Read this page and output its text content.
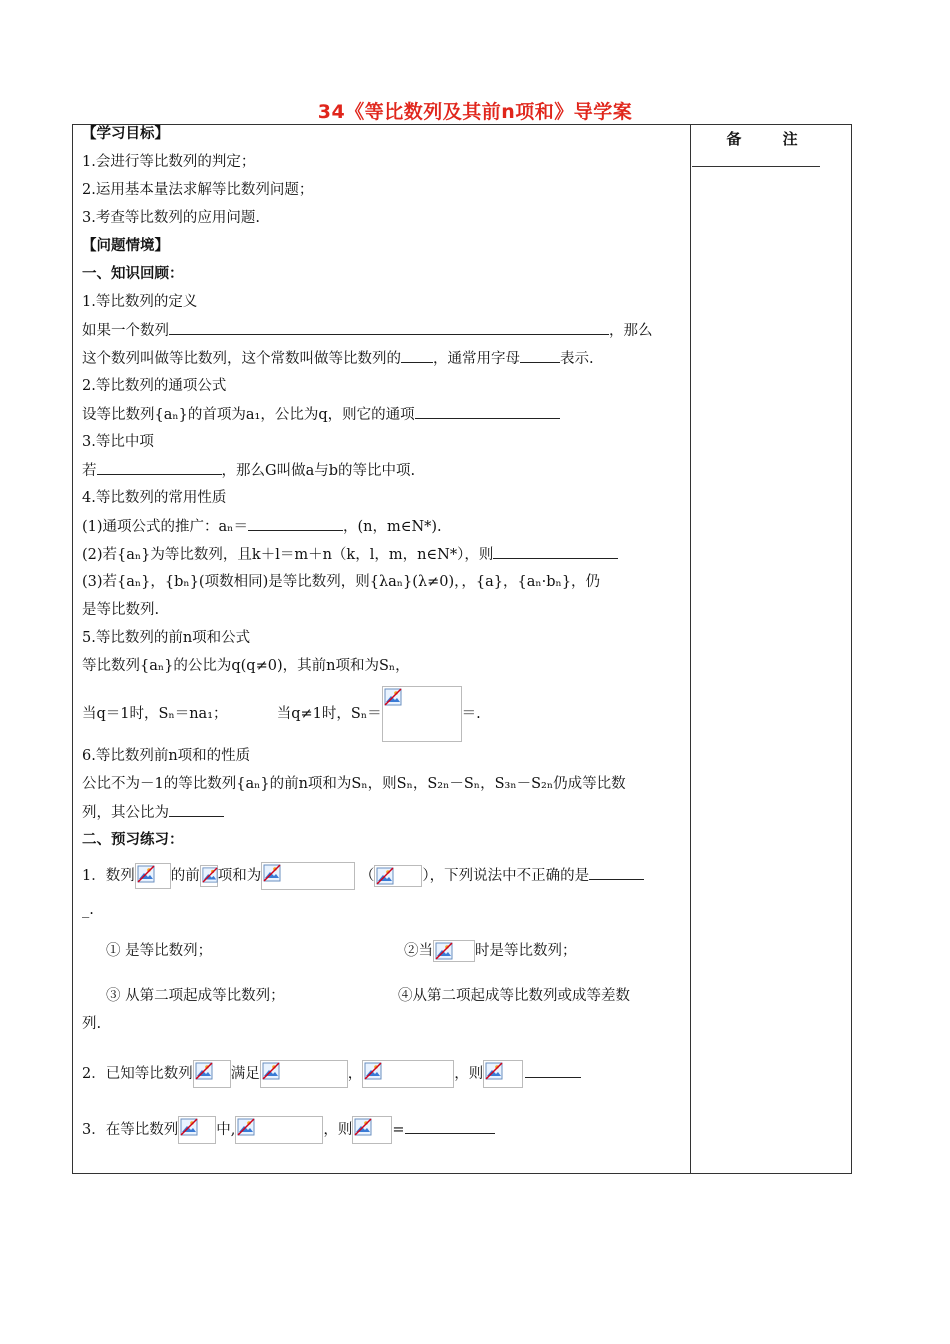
34《等比数列及其前n项和》导学案
备 注
【学习目标】
1.会进行等比数列的判定；
2.运用基本量法求解等比数列问题；
3.考查等比数列的应用问题.
【问题情境】
一、知识回顾：
1.等比数列的定义
如果一个数列	，那么
这个数列叫做等比数列，这个常数叫做等比数列的 ，通常用字母	表示.
2.等比数列的通项公式
设等比数列{aₙ}的首项为a₁，公比为q，则它的通项
3.等比中项
若	，那么G叫做a与b的等比中项.
4.等比数列的常用性质
(1)通项公式的推广：aₙ＝	，(n，m∈N*).
(2)若{aₙ}为等比数列，且k＋l＝m＋n（k，l，m，n∈N*），则
(3)若{aₙ}，{bₙ}(项数相同)是等比数列，则{λaₙ}(λ≠0)，，{a}，{aₙ·bₙ}，仍
是等比数列.
5.等比数列的前n项和公式
等比数列{aₙ}的公比为q(q≠0)，其前n项和为Sₙ，
当q＝1时，Sₙ＝na₁；	当q≠1时，Sₙ＝	＝.
6.等比数列前n项和的性质
公比不为－1的等比数列{aₙ}的前n项和为Sₙ，则Sₙ，S₂ₙ－Sₙ，S₃ₙ－S₂ₙ仍成等比数
列，其公比为
二、预习练习：
1．数列 的前 项和为	（	），下列说法中不正确的是
_.
① 是等比数列；	②当	时是等比数列；
③ 从第二项起成等比数列；	④从第二项起成等比数列或成等差数
列.
2．已知等比数列	满足	，	，则
3．在等比数列	中,	，则	=
